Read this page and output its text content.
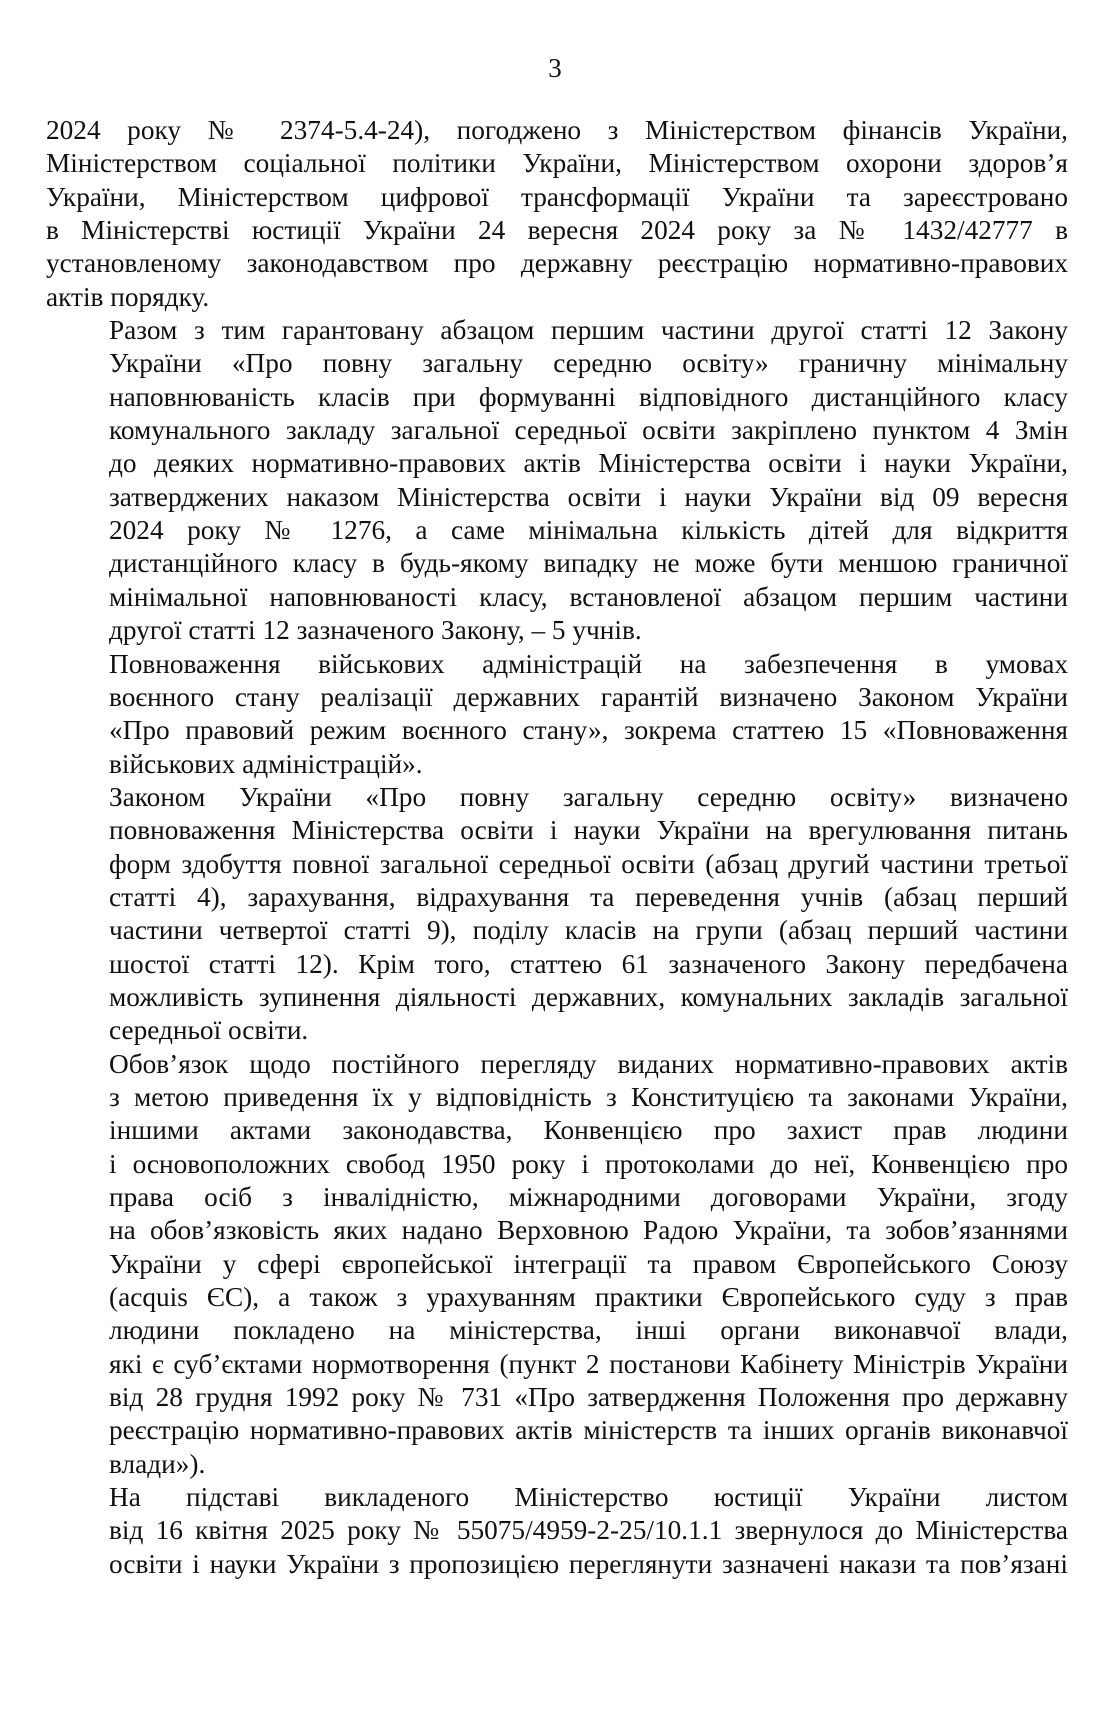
3

2024 року № 2374-5.4-24), погоджено з Міністерством фінансів України,
Міністерством соціальної політики України, Міністерством охорони здоров’я
України, Міністерством цифрової трансформації України та зареєстровано
в Міністерстві юстиції України 24 вересня 2024 року за № 1432/42777 в
установленому законодавством про державну реєстрацію нормативно-правових
актів порядку.

Разом з тим гарантовану абзацом першим частини другої статті 12 Закону
України «Про повну загальну середню освіту» граничну мінімальну
наповнюваність класів при формуванні відповідного дистанційного класу
комунального закладу загальної середньої освіти закріплено пунктом 4 Змін
до деяких нормативно-правових актів Міністерства освіти і науки України,
затверджених наказом Міністерства освіти і науки України від 09 вересня
2024 року № 1276, а саме мінімальна кількість дітей для відкриття
дистанційного класу в будь-якому випадку не може бути меншою граничної
мінімальної наповнюваності класу, встановленої абзацом першим частини
другої статті 12 зазначеного Закону, – 5 учнів.

Повноваження військових адміністрацій на забезпечення в умовах
воєнного стану реалізації державних гарантій визначено Законом України
«Про правовий режим воєнного стану», зокрема статтею 15 «Повноваження
військових адміністрацій».

Законом України «Про повну загальну середню освіту» визначено
повноваження Міністерства освіти і науки України на врегулювання питань
форм здобуття повної загальної середньої освіти (абзац другий частини третьої
статті 4), зарахування, відрахування та переведення учнів (абзац перший
частини четвертої статті 9), поділу класів на групи (абзац перший частини
шостої статті 12). Крім того, статтею 61 зазначеного Закону передбачена
можливість зупинення діяльності державних, комунальних закладів загальної
середньої освіти.

Обов’язок щодо постійного перегляду виданих нормативно-правових актів
з метою приведення їх у відповідність з Конституцією та законами України,
іншими актами законодавства, Конвенцією про захист прав людини
і основоположних свобод 1950 року і протоколами до неї, Конвенцією про
права осіб з інвалідністю, міжнародними договорами України, згоду
на обов’язковість яких надано Верховною Радою України, та зобов’язаннями
України у сфері європейської інтеграції та правом Європейського Союзу
(acquis ЄС), а також з урахуванням практики Європейського суду з прав
людини покладено на міністерства, інші органи виконавчої влади,
які є суб’єктами нормотворення (пункт 2 постанови Кабінету Міністрів України
від 28 грудня 1992 року № 731 «Про затвердження Положення про державну
реєстрацію нормативно-правових актів міністерств та інших органів виконавчої
влади»).

На підставі викладеного Міністерство юстиції України листом
від 16 квітня 2025 року № 55075/4959-2-25/10.1.1 звернулося до Міністерства
освіти і науки України з пропозицією переглянути зазначені накази та пов’язані
